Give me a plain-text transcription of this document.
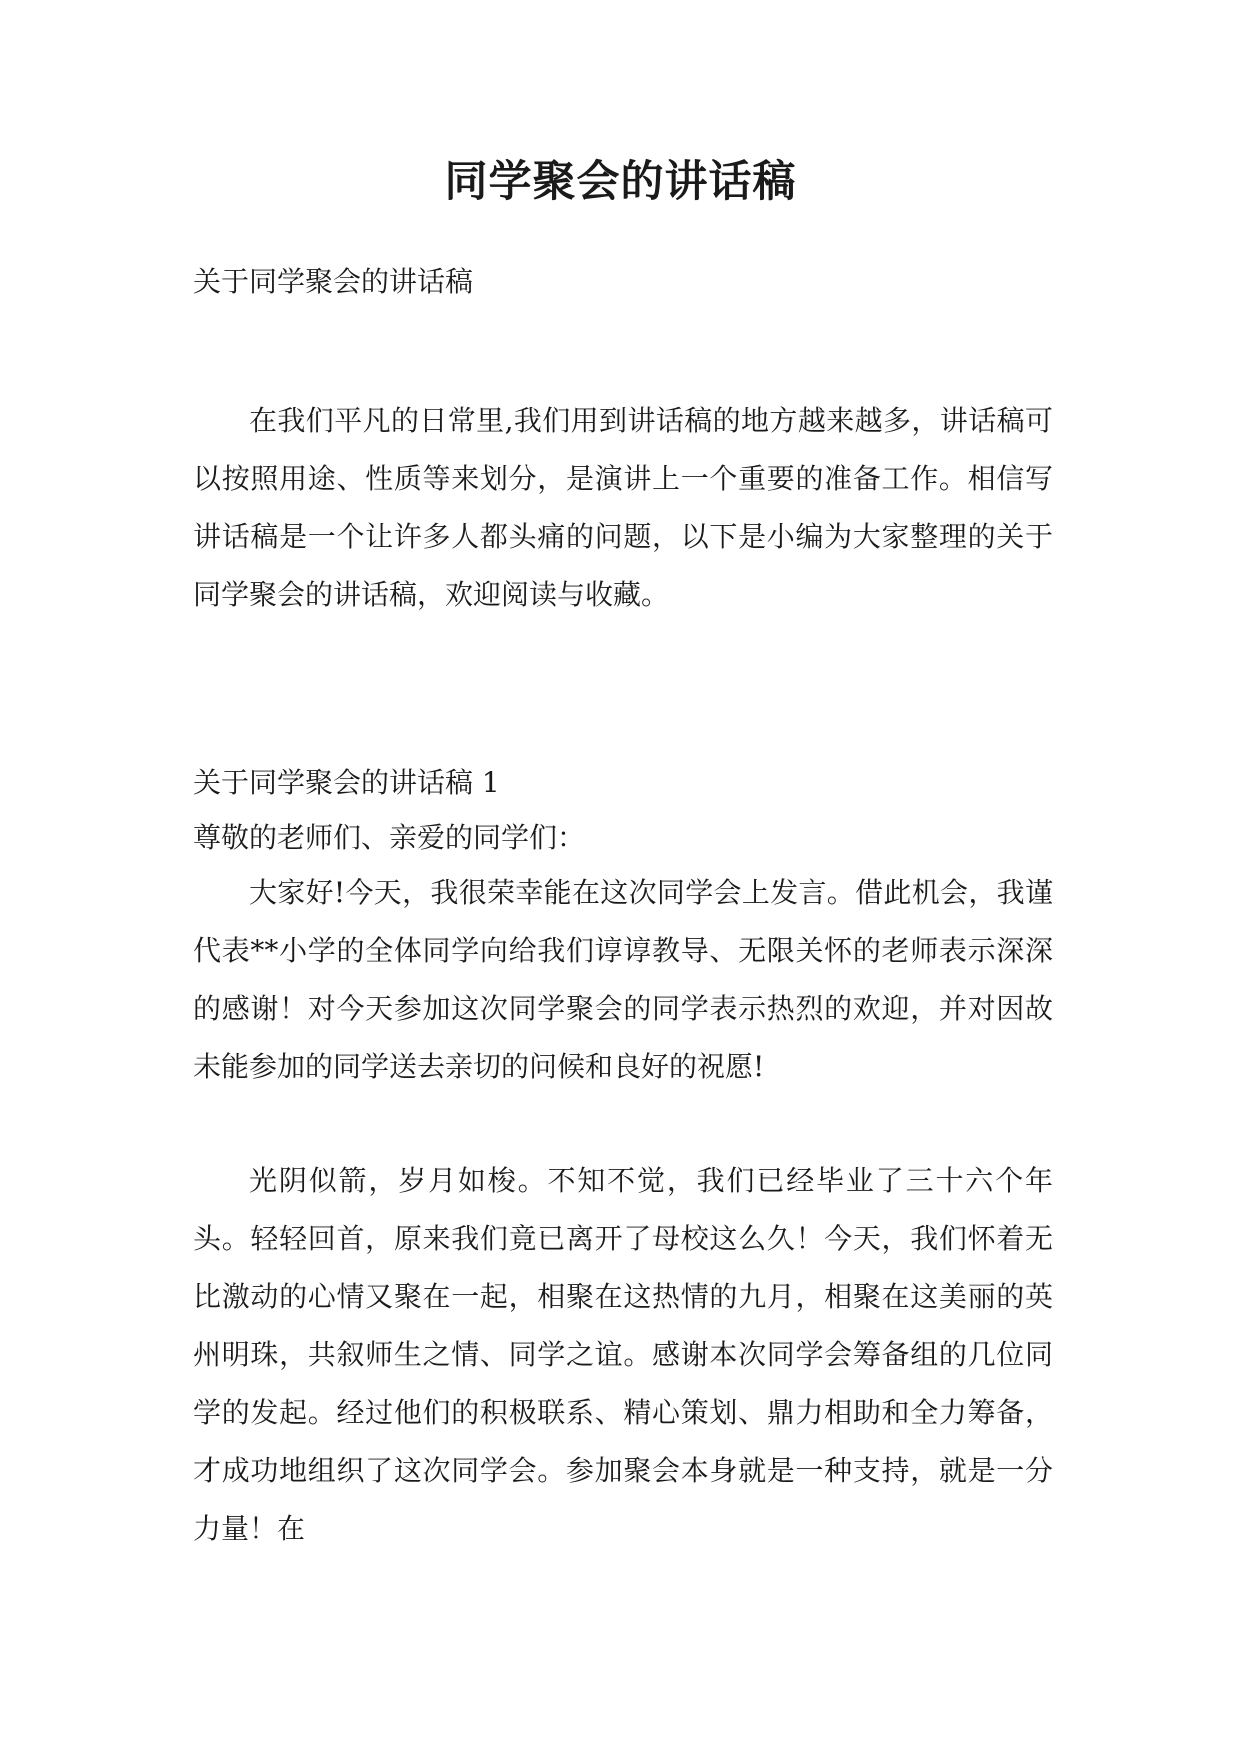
同学聚会的讲话稿

关于同学聚会的讲话稿

在我们平凡的日常里,我们用到讲话稿的地方越来越多，讲话稿可以按照用途、性质等来划分，是演讲上一个重要的准备工作。相信写讲话稿是一个让许多人都头痛的问题，以下是小编为大家整理的关于同学聚会的讲话稿，欢迎阅读与收藏。

关于同学聚会的讲话稿 1

尊敬的老师们、亲爱的同学们：

大家好!今天，我很荣幸能在这次同学会上发言。借此机会，我谨代表**小学的全体同学向给我们谆谆教导、无限关怀的老师表示深深的感谢！对今天参加这次同学聚会的同学表示热烈的欢迎，并对因故未能参加的同学送去亲切的问候和良好的祝愿!

光阴似箭，岁月如梭。不知不觉，我们已经毕业了三十六个年头。轻轻回首，原来我们竟已离开了母校这么久！今天，我们怀着无比激动的心情又聚在一起，相聚在这热情的九月，相聚在这美丽的英州明珠，共叙师生之情、同学之谊。感谢本次同学会筹备组的几位同学的发起。经过他们的积极联系、精心策划、鼎力相助和全力筹备，才成功地组织了这次同学会。参加聚会本身就是一种支持，就是一分力量！在
